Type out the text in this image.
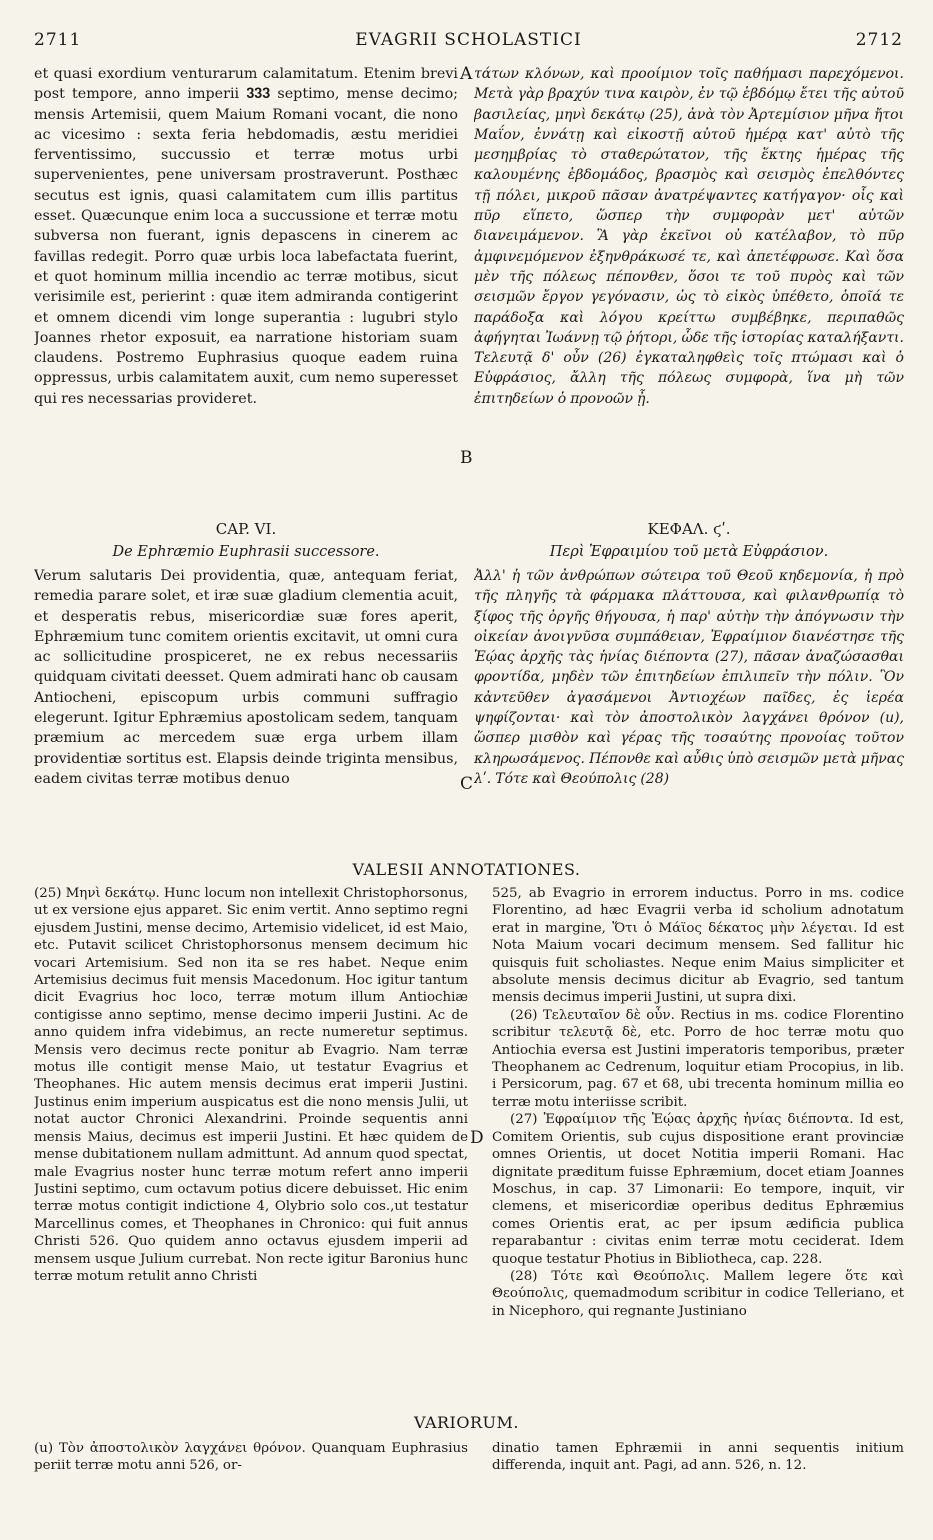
2711	EVAGRII SCHOLASTICI	2712
et quasi exordium venturarum calamitatum. Etenim brevi post tempore, anno imperii 𝟑𝟑𝟑 septimo, mense decimo; mensis Artemisii, quem Maium Romani vocant, die nono ac vicesimo : sexta feria hebdomadis, æstu meridiei ferventissimo, succussio et terræ motus urbi supervenientes, pene universam prostraverunt. Posthæc secutus est ignis, quasi calamitatem cum illis partitus esset. Quæcunque enim loca a succussione et terræ motu subversa non fuerant, ignis depascens in cinerem ac favillas redegit. Porro quæ urbis loca labefactata fuerint, et quot hominum millia incendio ac terræ motibus, sicut verisimile est, perierint : quæ item admiranda contigerint et omnem dicendi vim longe superantia : lugubri stylo Joannes rhetor exposuit, ea narratione historiam suam claudens. Postremo Euphrasius quoque eadem ruina oppressus, urbis calamitatem auxit, cum nemo superesset qui res necessarias provideret.
τάτων κλόνων, καὶ προοίμιον τοῖς παθήμασι παρεχόμενοι. Μετὰ γὰρ βραχύν τινα καιρὸν, ἐν τῷ ἑβδόμῳ ἔτει τῆς αὐτοῦ βασιλείας, μηνὶ δεκάτῳ (25), ἀνὰ τὸν Ἀρτεμίσιον μῆνα ἤτοι Μαΐον, ἐννάτῃ καὶ εἰκοστῇ αὐτοῦ ἡμέρᾳ κατ' αὐτὸ τῆς μεσημβρίας τὸ σταθερώτατον, τῆς ἕκτης ἡμέρας τῆς καλουμένης ἑβδομάδος, βρασμὸς καὶ σεισμὸς ἐπελθόντες τῇ πόλει, μικροῦ πᾶσαν ἀνατρέψαντες κατήγαγον· οἷς καὶ πῦρ εἵπετο, ὥσπερ τὴν συμφορὰν μετ' αὐτῶν διανειμάμενον. Ἃ γὰρ ἐκεῖνοι οὐ κατέλαβον, τὸ πῦρ ἀμφινεμόμενον ἐξηνθράκωσέ τε, καὶ ἀπετέφρωσε. Καὶ ὅσα μὲν τῆς πόλεως πέπονθεν, ὅσοι τε τοῦ πυρὸς καὶ τῶν σεισμῶν ἔργον γεγόνασιν, ὡς τὸ εἰκὸς ὑπέθετο, ὁποῖά τε παράδοξα καὶ λόγου κρείττω συμβέβηκε, περιπαθῶς ἀφήγηται Ἰωάννῃ τῷ ῥήτορι, ὧδε τῆς ἱστορίας καταλήξαντι. Τελευτᾷ δ' οὖν (26) ἐγκαταληφθεὶς τοῖς πτώμασι καὶ ὁ Εὐφράσιος, ἄλλη τῆς πόλεως συμφορὰ, ἵνα μὴ τῶν ἐπιτηδείων ὁ προνοῶν ᾖ.
A
B
CAP. VI.	ΚΕΦΑΛ. ϛʹ.
De Ephræmio Euphrasii successore.	Περὶ Ἐφραιμίου τοῦ μετὰ Εὐφράσιον.
Verum salutaris Dei providentia, quæ, antequam feriat, remedia parare solet, et iræ suæ gladium clementia acuit, et desperatis rebus, misericordiæ suæ fores aperit, Ephræmium tunc comitem orientis excitavit, ut omni cura ac sollicitudine prospiceret, ne ex rebus necessariis quidquam civitati deesset. Quem admirati hanc ob causam Antiocheni, episcopum urbis communi suffragio elegerunt. Igitur Ephræmius apostolicam sedem, tanquam præmium ac mercedem suæ erga urbem illam providentiæ sortitus est. Elapsis deinde triginta mensibus, eadem civitas terræ motibus denuo
Ἀλλ' ἡ τῶν ἀνθρώπων σώτειρα τοῦ Θεοῦ κηδεμονία, ἡ πρὸ τῆς πληγῆς τὰ φάρμακα πλάττουσα, καὶ φιλανθρωπίᾳ τὸ ξίφος τῆς ὀργῆς θήγουσα, ἡ παρ' αὐτὴν τὴν ἀπόγνωσιν τὴν οἰκείαν ἀνοιγνῦσα συμπάθειαν, Ἐφραίμιον διανέστησε τῆς Ἑῴας ἀρχῆς τὰς ἡνίας διέποντα (27), πᾶσαν ἀναζώσασθαι φροντίδα, μηδὲν τῶν ἐπιτηδείων ἐπιλιπεῖν τὴν πόλιν. Ὃν κἀντεῦθεν ἀγασάμενοι Ἀντιοχέων παῖδες, ἐς ἱερέα ψηφίζονται· καὶ τὸν ἀποστολικὸν λαγχάνει θρόνον (u), ὥσπερ μισθὸν καὶ γέρας τῆς τοσαύτης προνοίας τοῦτον κληρωσάμενος. Πέπονθε καὶ αὖθις ὑπὸ σεισμῶν μετὰ μῆνας λʹ. Τότε καὶ Θεούπολις (28)
C
VALESII ANNOTATIONES.
(25) Μηνὶ δεκάτῳ. Hunc locum non intellexit Christophorsonus, ut ex versione ejus apparet. Sic enim vertit. Anno septimo regni ejusdem Justini, mense decimo, Artemisio videlicet, id est Maio, etc. Putavit scilicet Christophorsonus mensem decimum hic vocari Artemisium. Sed non ita se res habet. Neque enim Artemisius decimus fuit mensis Macedonum. Hoc igitur tantum dicit Evagrius hoc loco, terræ motum illum Antiochiæ contigisse anno septimo, mense decimo imperii Justini. Ac de anno quidem infra videbimus, an recte numeretur septimus. Mensis vero decimus recte ponitur ab Evagrio. Nam terræ motus ille contigit mense Maio, ut testatur Evagrius et Theophanes. Hic autem mensis decimus erat imperii Justini. Justinus enim imperium auspicatus est die nono mensis Julii, ut notat auctor Chronici Alexandrini. Proinde sequentis anni mensis Maius, decimus est imperii Justini. Et hæc quidem de mense dubitationem nullam admittunt. Ad annum quod spectat, male Evagrius noster hunc terræ motum refert anno imperii Justini septimo, cum octavum potius dicere debuisset. Hic enim terræ motus contigit indictione 4, Olybrio solo cos.,ut testatur Marcellinus comes, et Theophanes in Chronico: qui fuit annus Christi 526. Quo quidem anno octavus ejusdem imperii ad mensem usque Julium currebat. Non recte igitur Baronius hunc terræ motum retulit anno Christi

525, ab Evagrio in errorem inductus. Porro in ms. codice Florentino, ad hæc Evagrii verba id scholium adnotatum erat in margine, Ὅτι ὁ Μάϊος δέκατος μὴν λέγεται. Id est Nota Maium vocari decimum mensem. Sed fallitur hic quisquis fuit scholiastes. Neque enim Maius simpliciter et absolute mensis decimus dicitur ab Evagrio, sed tantum mensis decimus imperii Justini, ut supra dixi.

(26) Τελευταῖον δὲ οὖν. Rectius in ms. codice Florentino scribitur τελευτᾷ δὲ, etc. Porro de hoc terræ motu quo Antiochia eversa est Justini imperatoris temporibus, præter Theophanem ac Cedrenum, loquitur etiam Procopius, in lib. i Persicorum, pag. 67 et 68, ubi trecenta hominum millia eo terræ motu interiisse scribit.

(27) Ἐφραίμιον τῆς Ἑῴας ἀρχῆς ἡνίας διέποντα. Id est, Comitem Orientis, sub cujus dispositione erant provinciæ omnes Orientis, ut docet Notitia imperii Romani. Hac dignitate præditum fuisse Ephræmium, docet etiam Joannes Moschus, in cap. 37 Limonarii: Eo tempore, inquit, vir clemens, et misericordiæ operibus deditus Ephræmius comes Orientis erat, ac per ipsum ædificia publica reparabantur : civitas enim terræ motu ceciderat. Idem quoque testatur Photius in Bibliotheca, cap. 228.

(28) Τότε καὶ Θεούπολις. Mallem legere ὅτε καὶ Θεούπολις, quemadmodum scribitur in codice Telleriano, et in Nicephoro, qui regnante Justiniano

D
VARIORUM.
(u) Τὸν ἀποστολικὸν λαγχάνει θρόνον. Quanquam Euphrasius periit terræ motu anni 526, or-
dinatio tamen Ephræmii in anni sequentis initium differenda, inquit ant. Pagi, ad ann. 526, n. 12.
